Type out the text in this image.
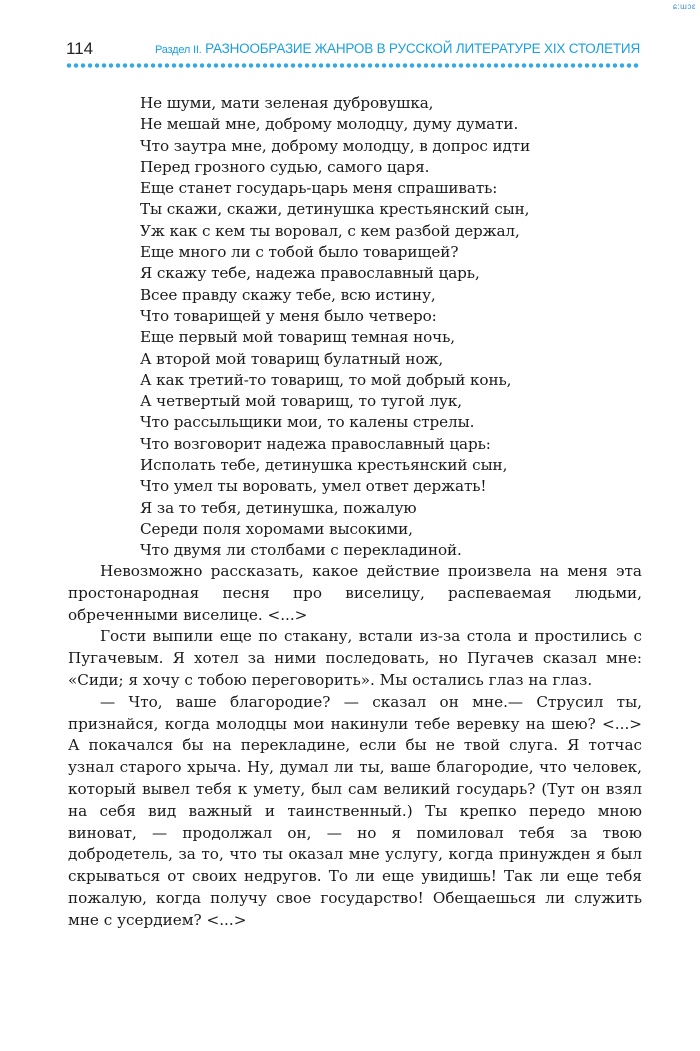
ɕ:ɯɔɛ
114	Раздел II. РАЗНООБРАЗИЕ ЖАНРОВ В РУССКОЙ ЛИТЕРАТУРЕ XIX СТОЛЕТИЯ
Не шуми, мати зеленая дубровушка,
Не мешай мне, доброму молодцу, думу думати.
Что заутра мне, доброму молодцу, в допрос идти
Перед грозного судью, самого царя.
Еще станет государь-царь меня спрашивать:
Ты скажи, скажи, детинушка крестьянский сын,
Уж как с кем ты воровал, с кем разбой держал,
Еще много ли с тобой было товарищей?
Я скажу тебе, надежа православный царь,
Всее правду скажу тебе, всю истину,
Что товарищей у меня было четверо:
Еще первый мой товарищ темная ночь,
А второй мой товарищ булатный нож,
А как третий-то товарищ, то мой добрый конь,
А четвертый мой товарищ, то тугой лук,
Что рассыльщики мои, то калены стрелы.
Что возговорит надежа православный царь:
Исполать тебе, детинушка крестьянский сын,
Что умел ты воровать, умел ответ держать!
Я за то тебя, детинушка, пожалую
Середи поля хоромами высокими,
Что двумя ли столбами с перекладиной.

Невозможно рассказать, какое действие произвела на меня эта простонародная песня про виселицу, распеваемая людьми, обреченными виселице. <...>

Гости выпили еще по стакану, встали из-за стола и простились с Пугачевым. Я хотел за ними последовать, но Пугачев сказал мне: «Сиди; я хочу с тобою переговорить». Мы остались глаз на глаз.

— Что, ваше благородие? — сказал он мне.— Струсил ты, признайся, когда молодцы мои накинули тебе веревку на шею? <...> А покачался бы на перекладине, если бы не твой слуга. Я тотчас узнал старого хрыча. Ну, думал ли ты, ваше благородие, что человек, который вывел тебя к умету, был сам великий государь? (Тут он взял на себя вид важный и таинственный.) Ты крепко передо мною виноват, — продолжал он, — но я помиловал тебя за твою добродетель, за то, что ты оказал мне услугу, когда принужден я был скрываться от своих недругов. То ли еще увидишь! Так ли еще тебя пожалую, когда получу свое государство! Обещаешься ли служить мне с усердием? <...>
